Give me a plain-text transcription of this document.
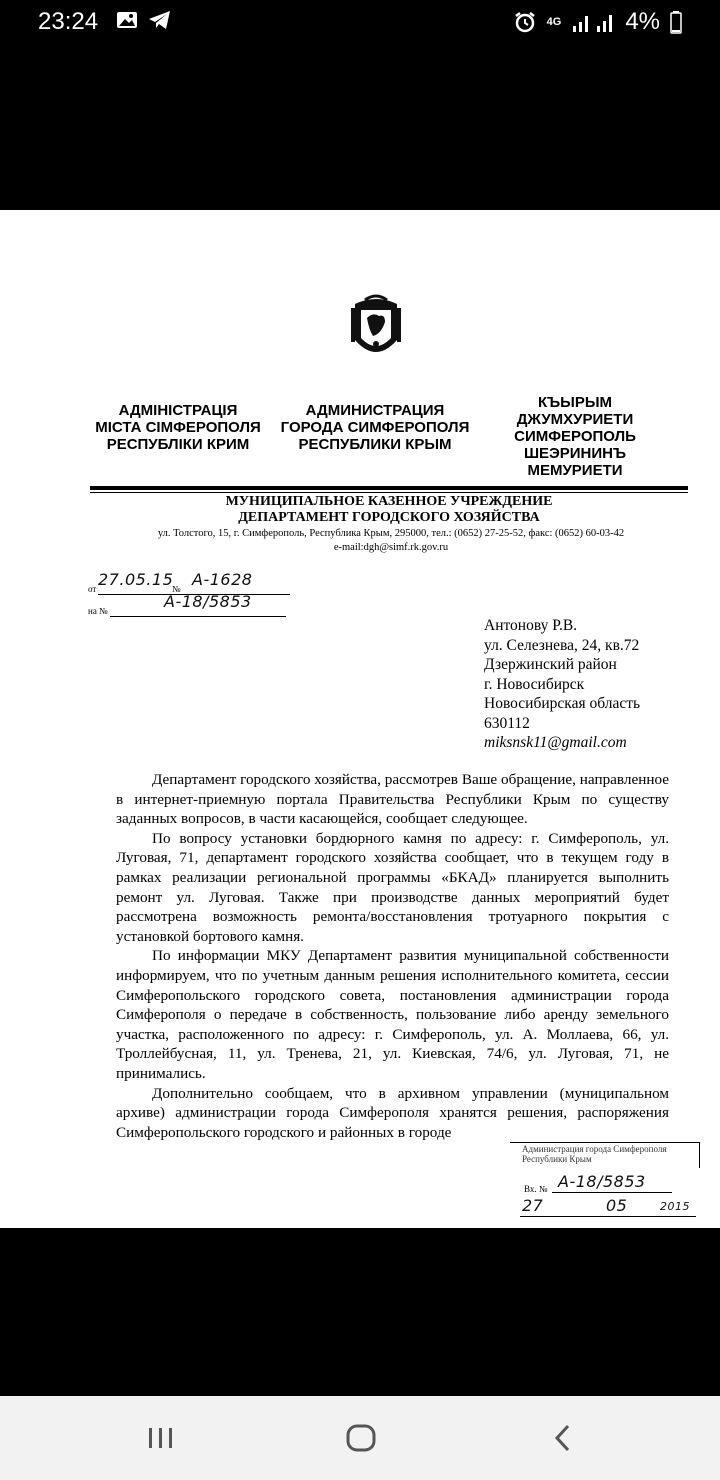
23:24	4G	4%
АДМІНІСТРАЦІЯ
МІСТА СІМФЕРОПОЛЯ
РЕСПУБЛІКИ КРИМ
АДМИНИСТРАЦИЯ
ГОРОДА СИМФЕРОПОЛЯ
РЕСПУБЛИКИ КРЫМ
КЪЫРЫМ
ДЖУМХУРИЕТИ
СИМФЕРОПОЛЬ
ШЕЭРИНИНЪ
МЕМУРИЕТИ
МУНИЦИПАЛЬНОЕ КАЗЕННОЕ УЧРЕЖДЕНИЕ
ДЕПАРТАМЕНТ ГОРОДСКОГО ХОЗЯЙСТВА
ул. Толстого, 15, г. Симферополь, Республика Крым, 295000, тел.: (0652) 27-25-52, факс: (0652) 60-03-42
e-mail:dgh@simf.rk.gov.ru
от 27.05.15
№ А-1628
на №	А-18/5853
Антонову Р.В.
ул. Селезнева, 24, кв.72
Дзержинский район
г. Новосибирск
Новосибирская область
630112
miksnsk11@gmail.com

Департамент городского хозяйства, рассмотрев Ваше обращение, направленное в интернет-приемную портала Правительства Республики Крым по существу заданных вопросов, в части касающейся, сообщает следующее.

По вопросу установки бордюрного камня по адресу: г. Симферополь, ул. Луговая, 71, департамент городского хозяйства сообщает, что в текущем году в рамках реализации региональной программы «БКАД» планируется выполнить ремонт ул. Луговая. Также при производстве данных мероприятий будет рассмотрена возможность ремонта/восстановления тротуарного покрытия с установкой бортового камня.

По информации МКУ Департамент развития муниципальной собственности информируем, что по учетным данным решения исполнительного комитета, сессии Симферопольского городского совета, постановления администрации города Симферополя о передаче в собственность, пользование либо аренду земельного участка, расположенного по адресу: г. Симферополь, ул. А. Моллаева, 66, ул. Троллейбусная, 11, ул. Тренева, 21, ул. Киевская, 74/6, ул. Луговая, 71, не принимались.

Дополнительно сообщаем, что в архивном управлении (муниципальном архиве) администрации города Симферополя хранятся решения, распоряжения Симферопольского городского и районных в городе

Администрация города Симферополя
Республики Крым
Вх. № А-18/5853
27	05	2015
